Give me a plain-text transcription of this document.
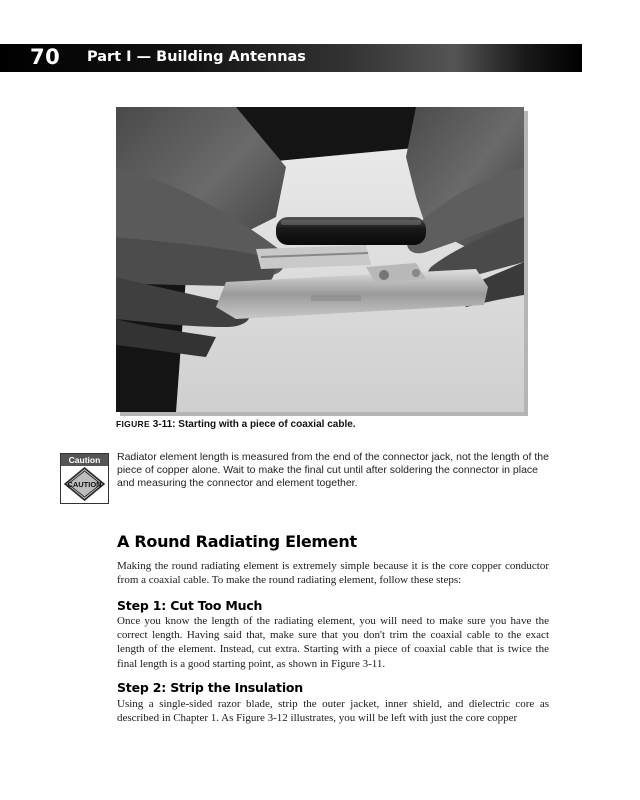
70 Part I — Building Antennas
FIGURE 3-11: Starting with a piece of coaxial cable.
Caution
CAUTION
Radiator element length is measured from the end of the connector jack, not the length of the piece of copper alone. Wait to make the final cut until after soldering the connector in place and measuring the connector and element together.
A Round Radiating Element
Making the round radiating element is extremely simple because it is the core copper conductor from a coaxial cable. To make the round radiating element, follow these steps:
Step 1: Cut Too Much
Once you know the length of the radiating element, you will need to make sure you have the correct length. Having said that, make sure that you don't trim the coaxial cable to the exact length of the element. Instead, cut extra. Starting with a piece of coaxial cable that is twice the final length is a good starting point, as shown in Figure 3-11.
Step 2: Strip the Insulation
Using a single-sided razor blade, strip the outer jacket, inner shield, and dielectric core as described in Chapter 1. As Figure 3-12 illustrates, you will be left with just the core copper
